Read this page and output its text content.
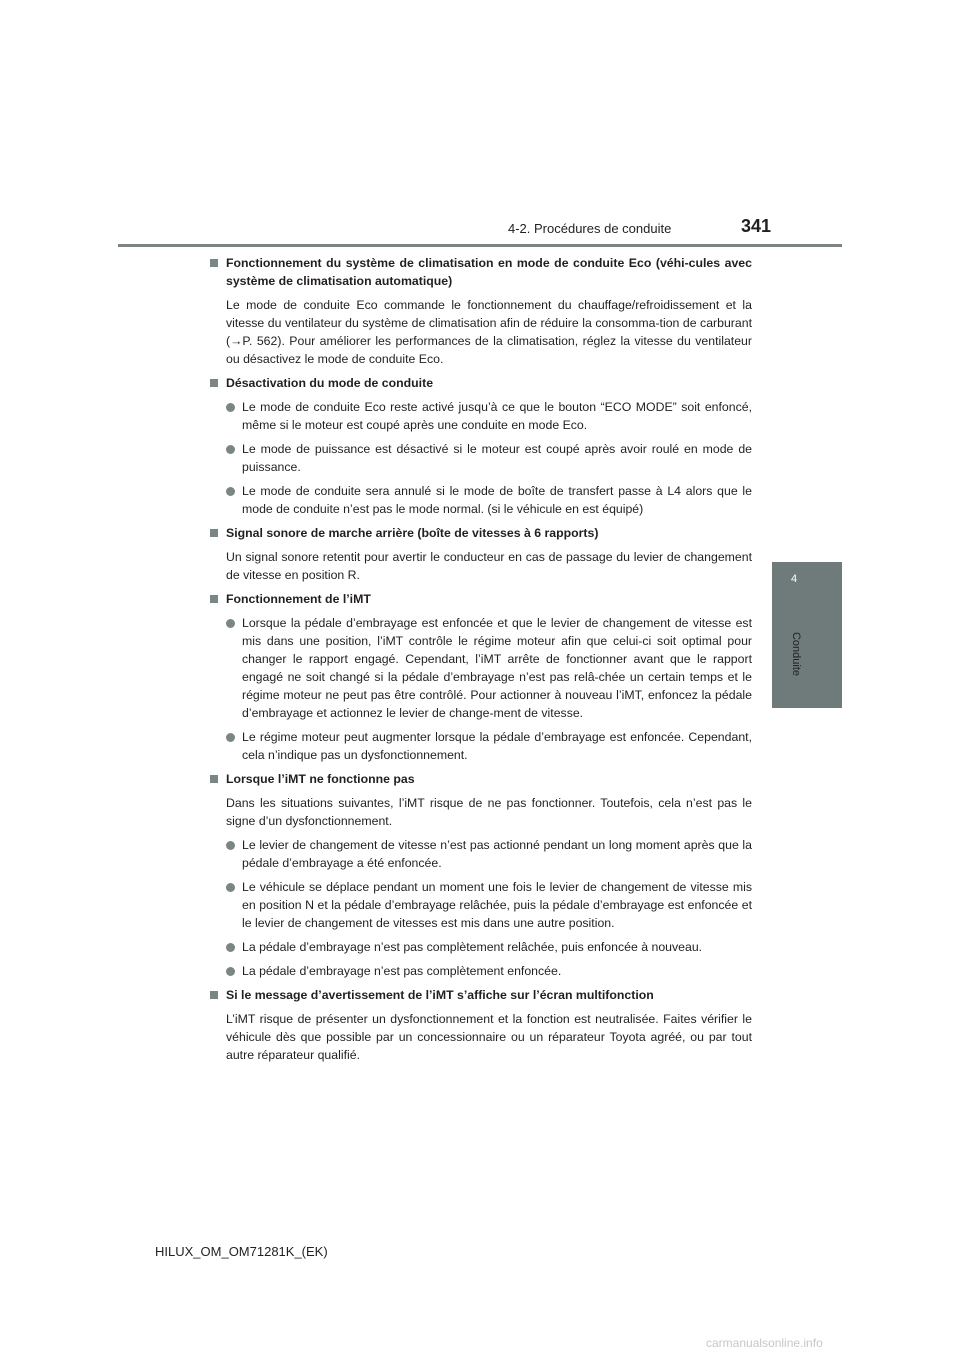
4-2. Procédures de conduite	341
4
Conduite
Fonctionnement du système de climatisation en mode de conduite Eco (véhi-cules avec système de climatisation automatique)
Le mode de conduite Eco commande le fonctionnement du chauffage/refroidissement et la vitesse du ventilateur du système de climatisation afin de réduire la consomma-tion de carburant (→P. 562). Pour améliorer les performances de la climatisation, réglez la vitesse du ventilateur ou désactivez le mode de conduite Eco.
Désactivation du mode de conduite
Le mode de conduite Eco reste activé jusqu’à ce que le bouton “ECO MODE” soit enfoncé, même si le moteur est coupé après une conduite en mode Eco.
Le mode de puissance est désactivé si le moteur est coupé après avoir roulé en mode de puissance.
Le mode de conduite sera annulé si le mode de boîte de transfert passe à L4 alors que le mode de conduite n’est pas le mode normal. (si le véhicule en est équipé)
Signal sonore de marche arrière (boîte de vitesses à 6 rapports)
Un signal sonore retentit pour avertir le conducteur en cas de passage du levier de changement de vitesse en position R.
Fonctionnement de l’iMT
Lorsque la pédale d’embrayage est enfoncée et que le levier de changement de vitesse est mis dans une position, l’iMT contrôle le régime moteur afin que celui-ci soit optimal pour changer le rapport engagé. Cependant, l’iMT arrête de fonctionner avant que le rapport engagé ne soit changé si la pédale d’embrayage n’est pas relâ-chée un certain temps et le régime moteur ne peut pas être contrôlé. Pour actionner à nouveau l’iMT, enfoncez la pédale d’embrayage et actionnez le levier de change-ment de vitesse.
Le régime moteur peut augmenter lorsque la pédale d’embrayage est enfoncée. Cependant, cela n’indique pas un dysfonctionnement.
Lorsque l’iMT ne fonctionne pas
Dans les situations suivantes, l’iMT risque de ne pas fonctionner. Toutefois, cela n’est pas le signe d’un dysfonctionnement.
Le levier de changement de vitesse n’est pas actionné pendant un long moment après que la pédale d’embrayage a été enfoncée.
Le véhicule se déplace pendant un moment une fois le levier de changement de vitesse mis en position N et la pédale d’embrayage relâchée, puis la pédale d’embrayage est enfoncée et le levier de changement de vitesses est mis dans une autre position.
La pédale d’embrayage n’est pas complètement relâchée, puis enfoncée à nouveau.
La pédale d’embrayage n’est pas complètement enfoncée.
Si le message d’avertissement de l’iMT s’affiche sur l’écran multifonction
L’iMT risque de présenter un dysfonctionnement et la fonction est neutralisée. Faites vérifier le véhicule dès que possible par un concessionnaire ou un réparateur Toyota agréé, ou par tout autre réparateur qualifié.
HILUX_OM_OM71281K_(EK)
carmanualsonline.info
